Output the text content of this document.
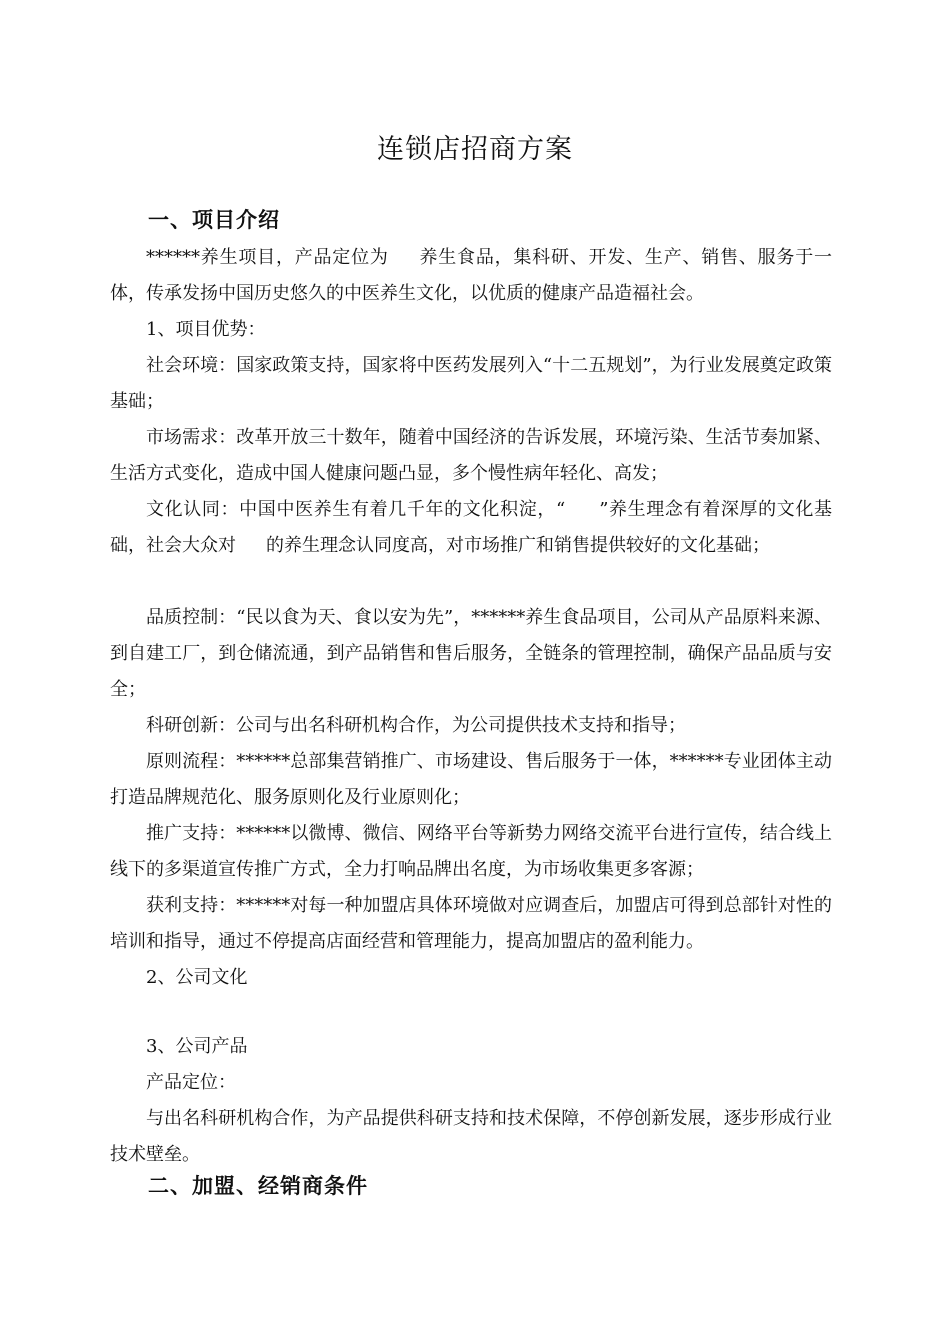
连锁店招商方案
一、项目介绍

******养生项目，产品定位为 养生食品，集科研、开发、生产、销售、服务于一体，传承发扬中国历史悠久的中医养生文化，以优质的健康产品造福社会。

1、项目优势：

社会环境：国家政策支持，国家将中医药发展列入“十二五规划”，为行业发展奠定政策基础；

市场需求：改革开放三十数年，随着中国经济的告诉发展，环境污染、生活节奏加紧、生活方式变化，造成中国人健康问题凸显，多个慢性病年轻化、高发；

文化认同：中国中医养生有着几千年的文化积淀，“ ”养生理念有着深厚的文化基础，社会大众对 的养生理念认同度高，对市场推广和销售提供较好的文化基础；

品质控制：“民以食为天、食以安为先”，******养生食品项目，公司从产品原料来源、到自建工厂，到仓储流通，到产品销售和售后服务，全链条的管理控制，确保产品品质与安全；

科研创新：公司与出名科研机构合作，为公司提供技术支持和指导；

原则流程：******总部集营销推广、市场建设、售后服务于一体，******专业团体主动打造品牌规范化、服务原则化及行业原则化；

推广支持：******以微博、微信、网络平台等新势力网络交流平台进行宣传，结合线上线下的多渠道宣传推广方式，全力打响品牌出名度，为市场收集更多客源；

获利支持：******对每一种加盟店具体环境做对应调查后，加盟店可得到总部针对性的培训和指导，通过不停提高店面经营和管理能力，提高加盟店的盈利能力。

2、公司文化
3、公司产品
产品定位：

与出名科研机构合作，为产品提供科研支持和技术保障，不停创新发展，逐步形成行业技术壁垒。

二、加盟、经销商条件
